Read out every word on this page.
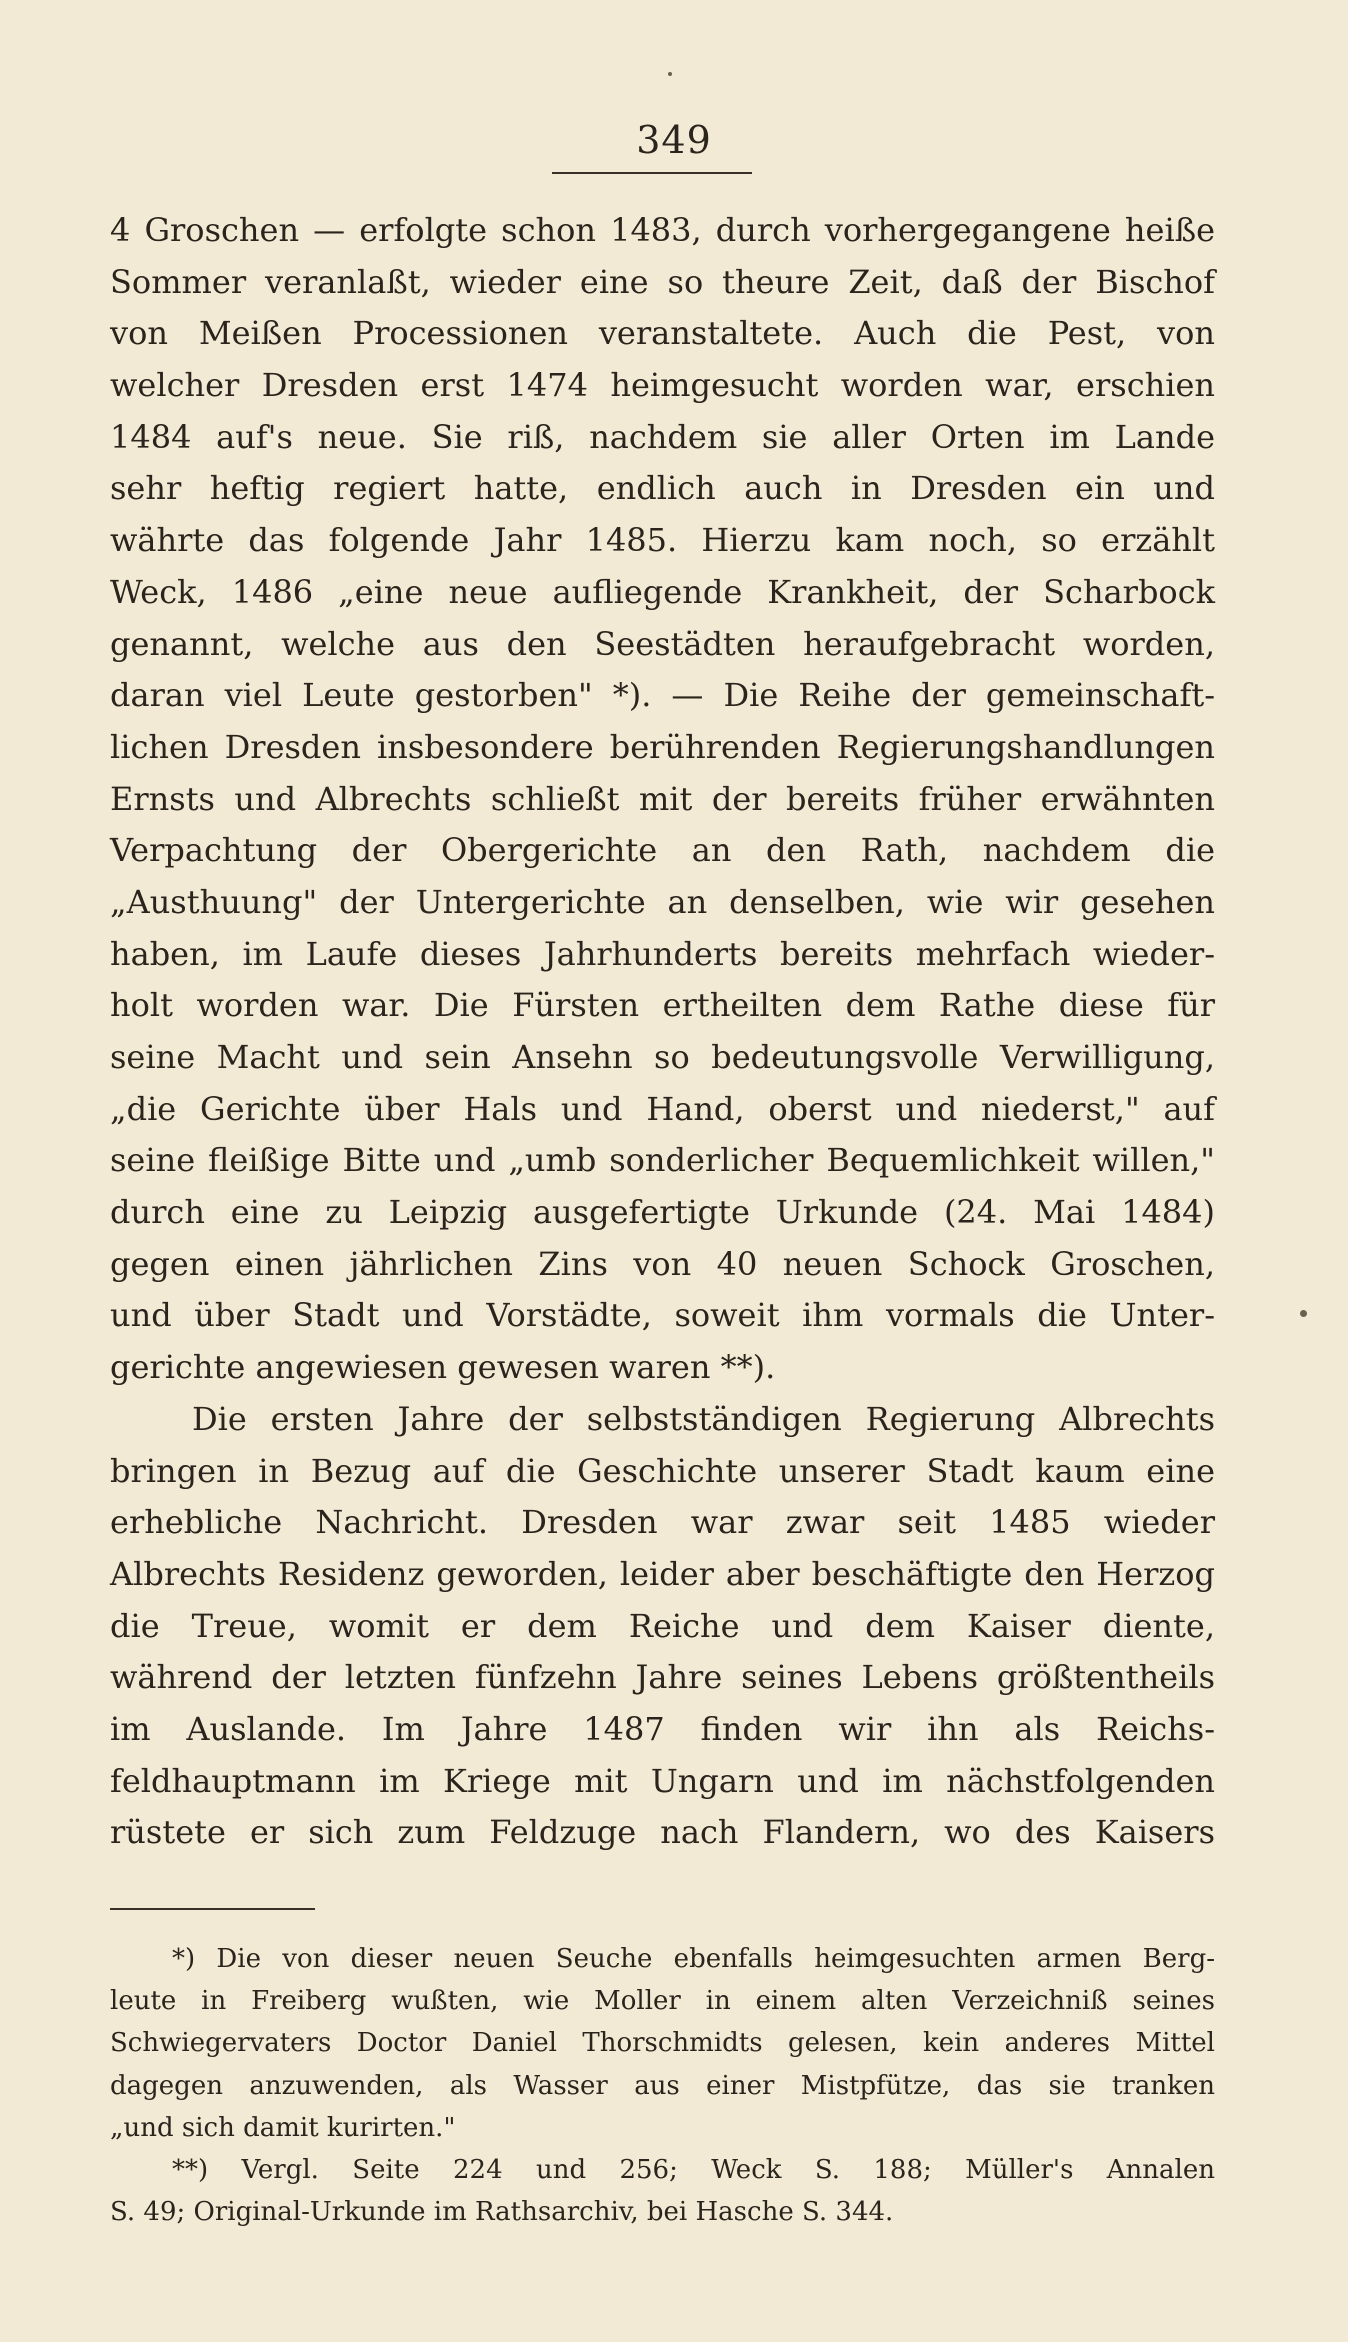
349
4 Groschen — erfolgte schon 1483, durch vorhergegangene heiße
Sommer veranlaßt, wieder eine so theure Zeit, daß der Bischof
von Meißen Processionen veranstaltete. Auch die Pest, von
welcher Dresden erst 1474 heimgesucht worden war, erschien
1484 auf's neue. Sie riß, nachdem sie aller Orten im Lande
sehr heftig regiert hatte, endlich auch in Dresden ein und
währte das folgende Jahr 1485. Hierzu kam noch, so erzählt
Weck, 1486 „eine neue aufliegende Krankheit, der Scharbock
genannt, welche aus den Seestädten heraufgebracht worden,
daran viel Leute gestorben" *). — Die Reihe der gemeinschaft-
lichen Dresden insbesondere berührenden Regierungshandlungen
Ernsts und Albrechts schließt mit der bereits früher erwähnten
Verpachtung der Obergerichte an den Rath, nachdem die
„Austhuung" der Untergerichte an denselben, wie wir gesehen
haben, im Laufe dieses Jahrhunderts bereits mehrfach wieder-
holt worden war. Die Fürsten ertheilten dem Rathe diese für
seine Macht und sein Ansehn so bedeutungsvolle Verwilligung,
„die Gerichte über Hals und Hand, oberst und niederst," auf
seine fleißige Bitte und „umb sonderlicher Bequemlichkeit willen,"
durch eine zu Leipzig ausgefertigte Urkunde (24. Mai 1484)
gegen einen jährlichen Zins von 40 neuen Schock Groschen,
und über Stadt und Vorstädte, soweit ihm vormals die Unter-
gerichte angewiesen gewesen waren **).
Die ersten Jahre der selbstständigen Regierung Albrechts
bringen in Bezug auf die Geschichte unserer Stadt kaum eine
erhebliche Nachricht. Dresden war zwar seit 1485 wieder
Albrechts Residenz geworden, leider aber beschäftigte den Herzog
die Treue, womit er dem Reiche und dem Kaiser diente,
während der letzten fünfzehn Jahre seines Lebens größtentheils
im Auslande. Im Jahre 1487 finden wir ihn als Reichs-
feldhauptmann im Kriege mit Ungarn und im nächstfolgenden
rüstete er sich zum Feldzuge nach Flandern, wo des Kaisers
*) Die von dieser neuen Seuche ebenfalls heimgesuchten armen Berg-
leute in Freiberg wußten, wie Moller in einem alten Verzeichniß seines
Schwiegervaters Doctor Daniel Thorschmidts gelesen, kein anderes Mittel
dagegen anzuwenden, als Wasser aus einer Mistpfütze, das sie tranken
„und sich damit kurirten."
**) Vergl. Seite 224 und 256; Weck S. 188; Müller's Annalen
S. 49; Original-Urkunde im Rathsarchiv, bei Hasche S. 344.
